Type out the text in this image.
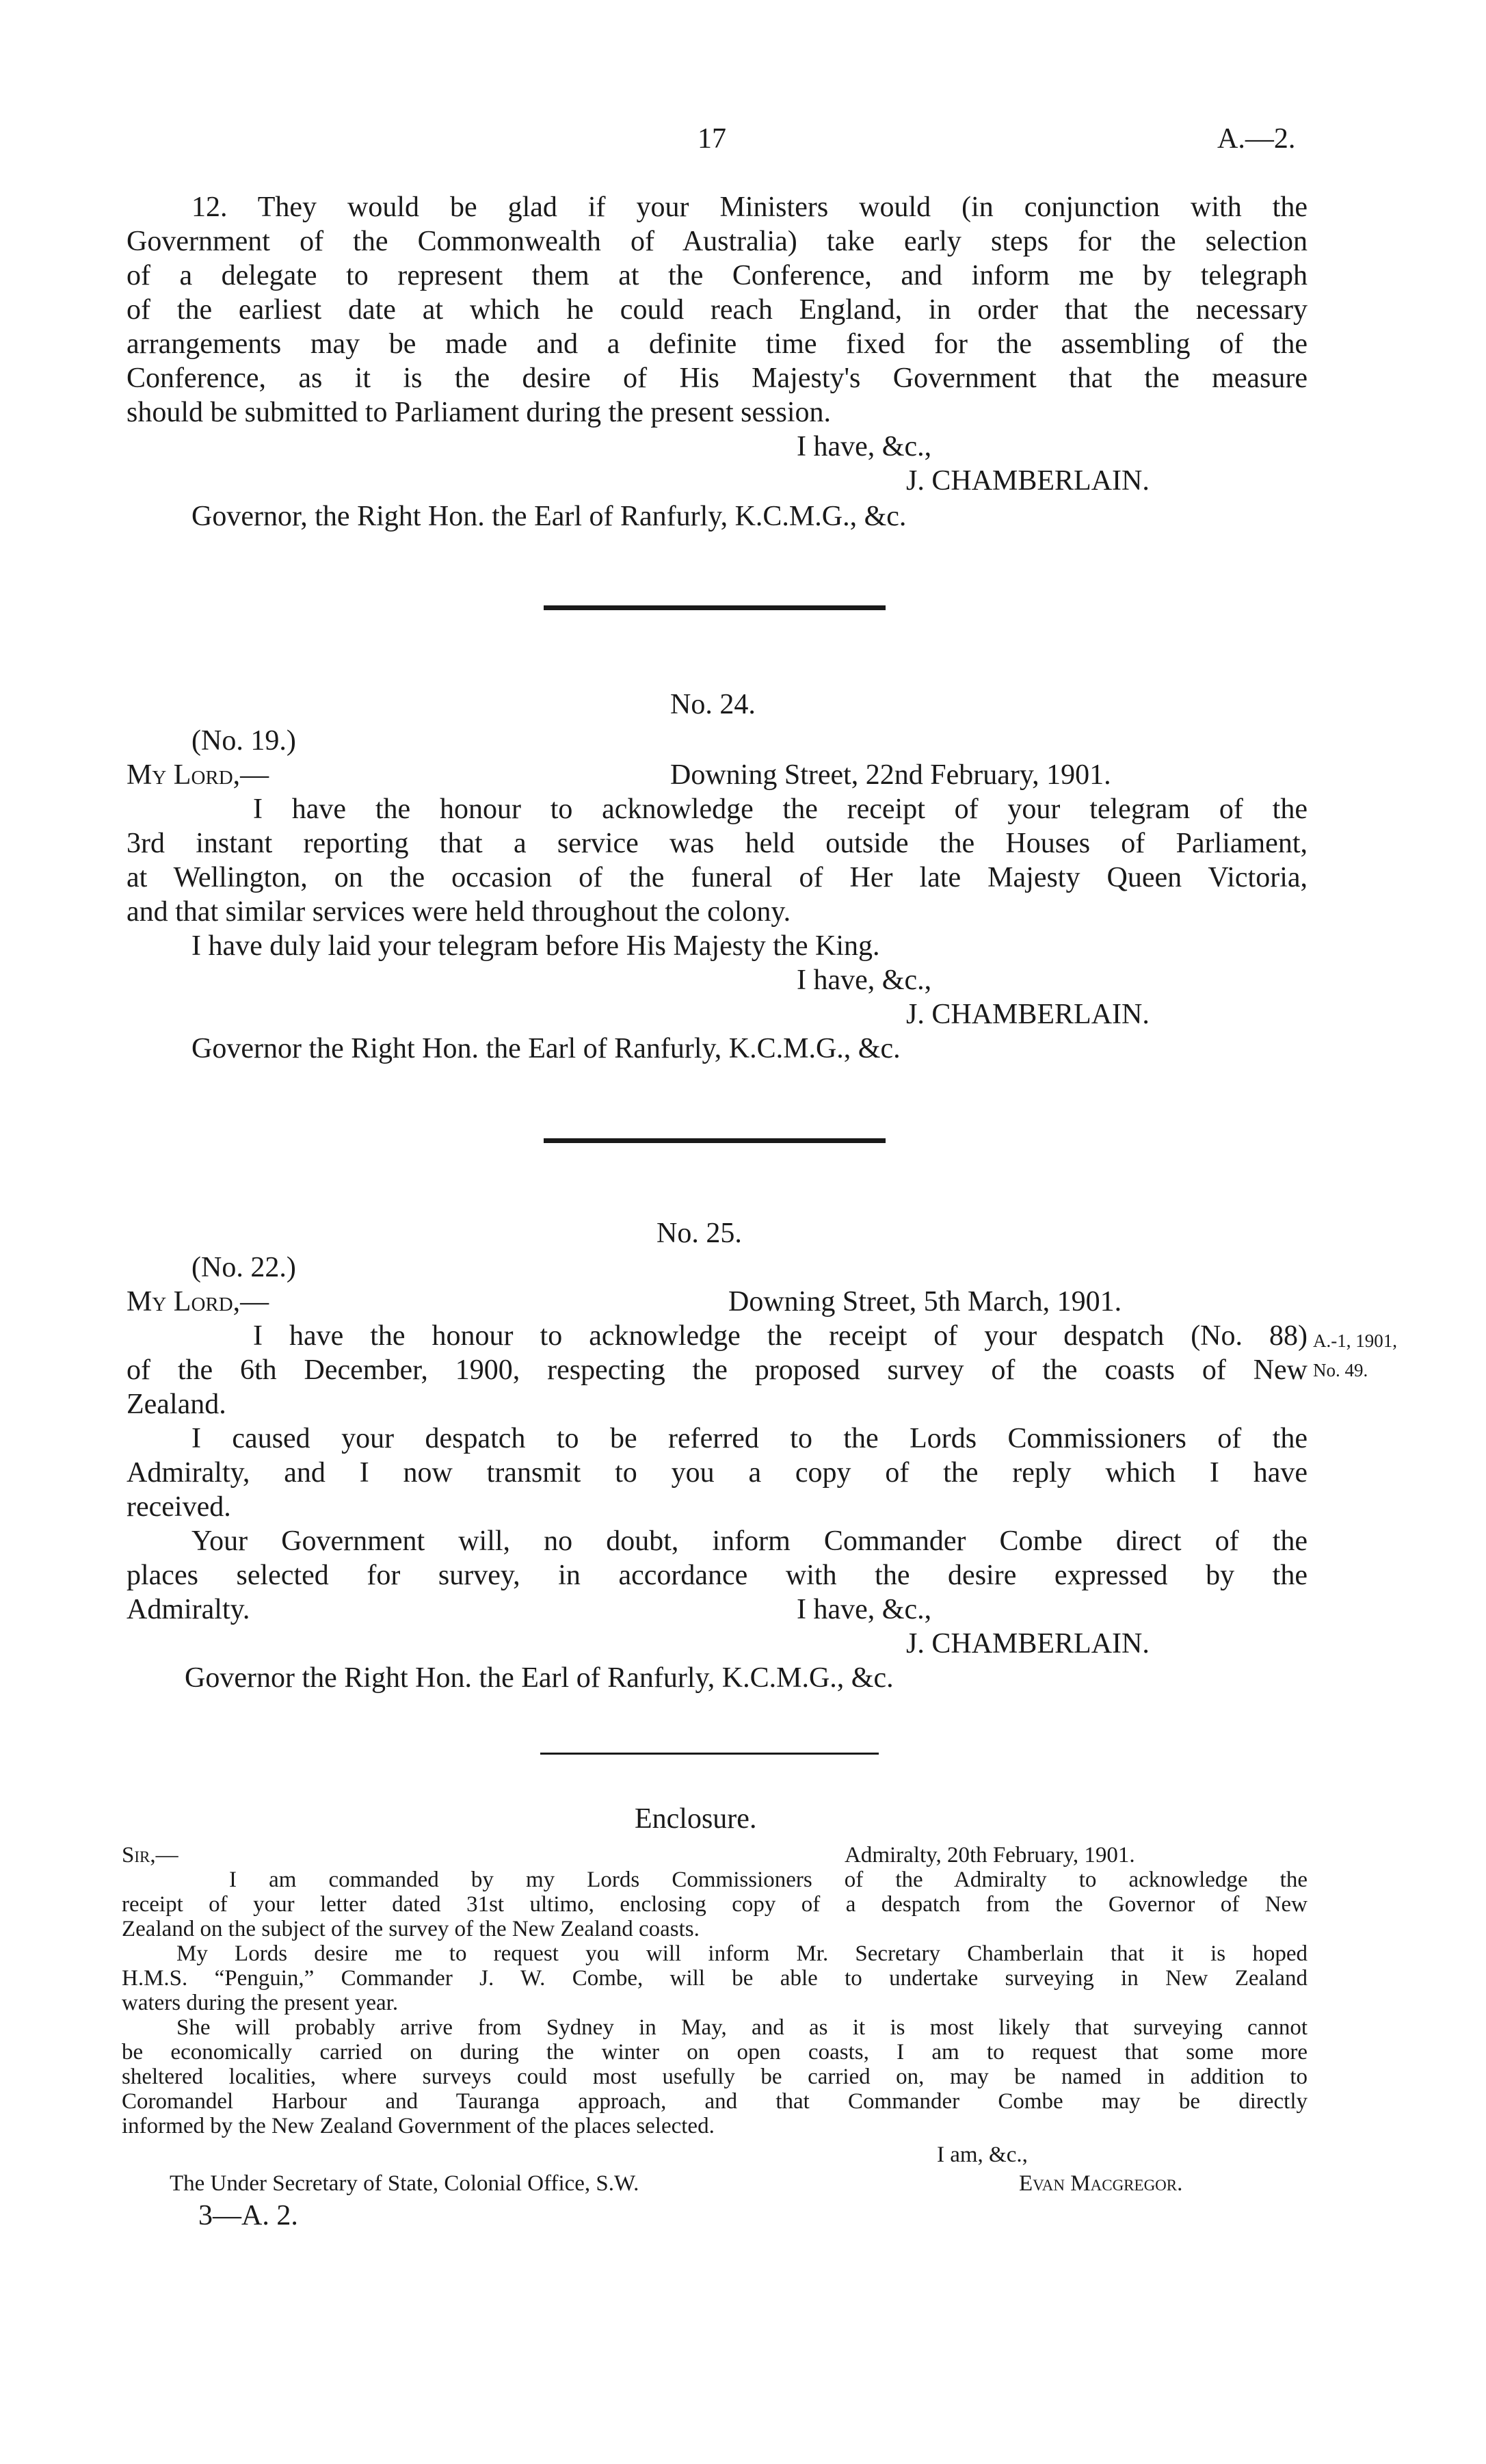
17	A.—2.
12. They would be glad if your Ministers would (in conjunction with the
Government of the Commonwealth of Australia) take early steps for the selection
of a delegate to represent them at the Conference, and inform me by telegraph
of the earliest date at which he could reach England, in order that the necessary
arrangements may be made and a definite time fixed for the assembling of the
Conference, as it is the desire of His Majesty's Government that the measure
should be submitted to Parliament during the present session.
I have, &c.,
J. CHAMBERLAIN.
Governor, the Right Hon. the Earl of Ranfurly, K.C.M.G., &c.
No. 24.
(No. 19.)
My Lord,—	Downing Street, 22nd February, 1901.
I have the honour to acknowledge the receipt of your telegram of the
3rd instant reporting that a service was held outside the Houses of Parliament,
at Wellington, on the occasion of the funeral of Her late Majesty Queen Victoria,
and that similar services were held throughout the colony.
I have duly laid your telegram before His Majesty the King.
I have, &c.,
J. CHAMBERLAIN.
Governor the Right Hon. the Earl of Ranfurly, K.C.M.G., &c.
No. 25.
(No. 22.)
My Lord,—	Downing Street, 5th March, 1901.
I have the honour to acknowledge the receipt of your despatch (No. 88)
of the 6th December, 1900, respecting the proposed survey of the coasts of New
Zealand.
I caused your despatch to be referred to the Lords Commissioners of the
Admiralty, and I now transmit to you a copy of the reply which I have
received.
Your Government will, no doubt, inform Commander Combe direct of the
places selected for survey, in accordance with the desire expressed by the
Admiralty.
A.-1, 1901,
No. 49.
I have, &c.,
J. CHAMBERLAIN.
Governor the Right Hon. the Earl of Ranfurly, K.C.M.G., &c.
Enclosure.
Sir,—	Admiralty, 20th February, 1901.
I am commanded by my Lords Commissioners of the Admiralty to acknowledge the
receipt of your letter dated 31st ultimo, enclosing copy of a despatch from the Governor of New
Zealand on the subject of the survey of the New Zealand coasts.
My Lords desire me to request you will inform Mr. Secretary Chamberlain that it is hoped
H.M.S. “Penguin,” Commander J. W. Combe, will be able to undertake surveying in New Zealand
waters during the present year.
She will probably arrive from Sydney in May, and as it is most likely that surveying cannot
be economically carried on during the winter on open coasts, I am to request that some more
sheltered localities, where surveys could most usefully be carried on, may be named in addition to
Coromandel Harbour and Tauranga approach, and that Commander Combe may be directly
informed by the New Zealand Government of the places selected.
I am, &c.,
The Under Secretary of State, Colonial Office, S.W.	Evan Macgregor.
3—A. 2.
